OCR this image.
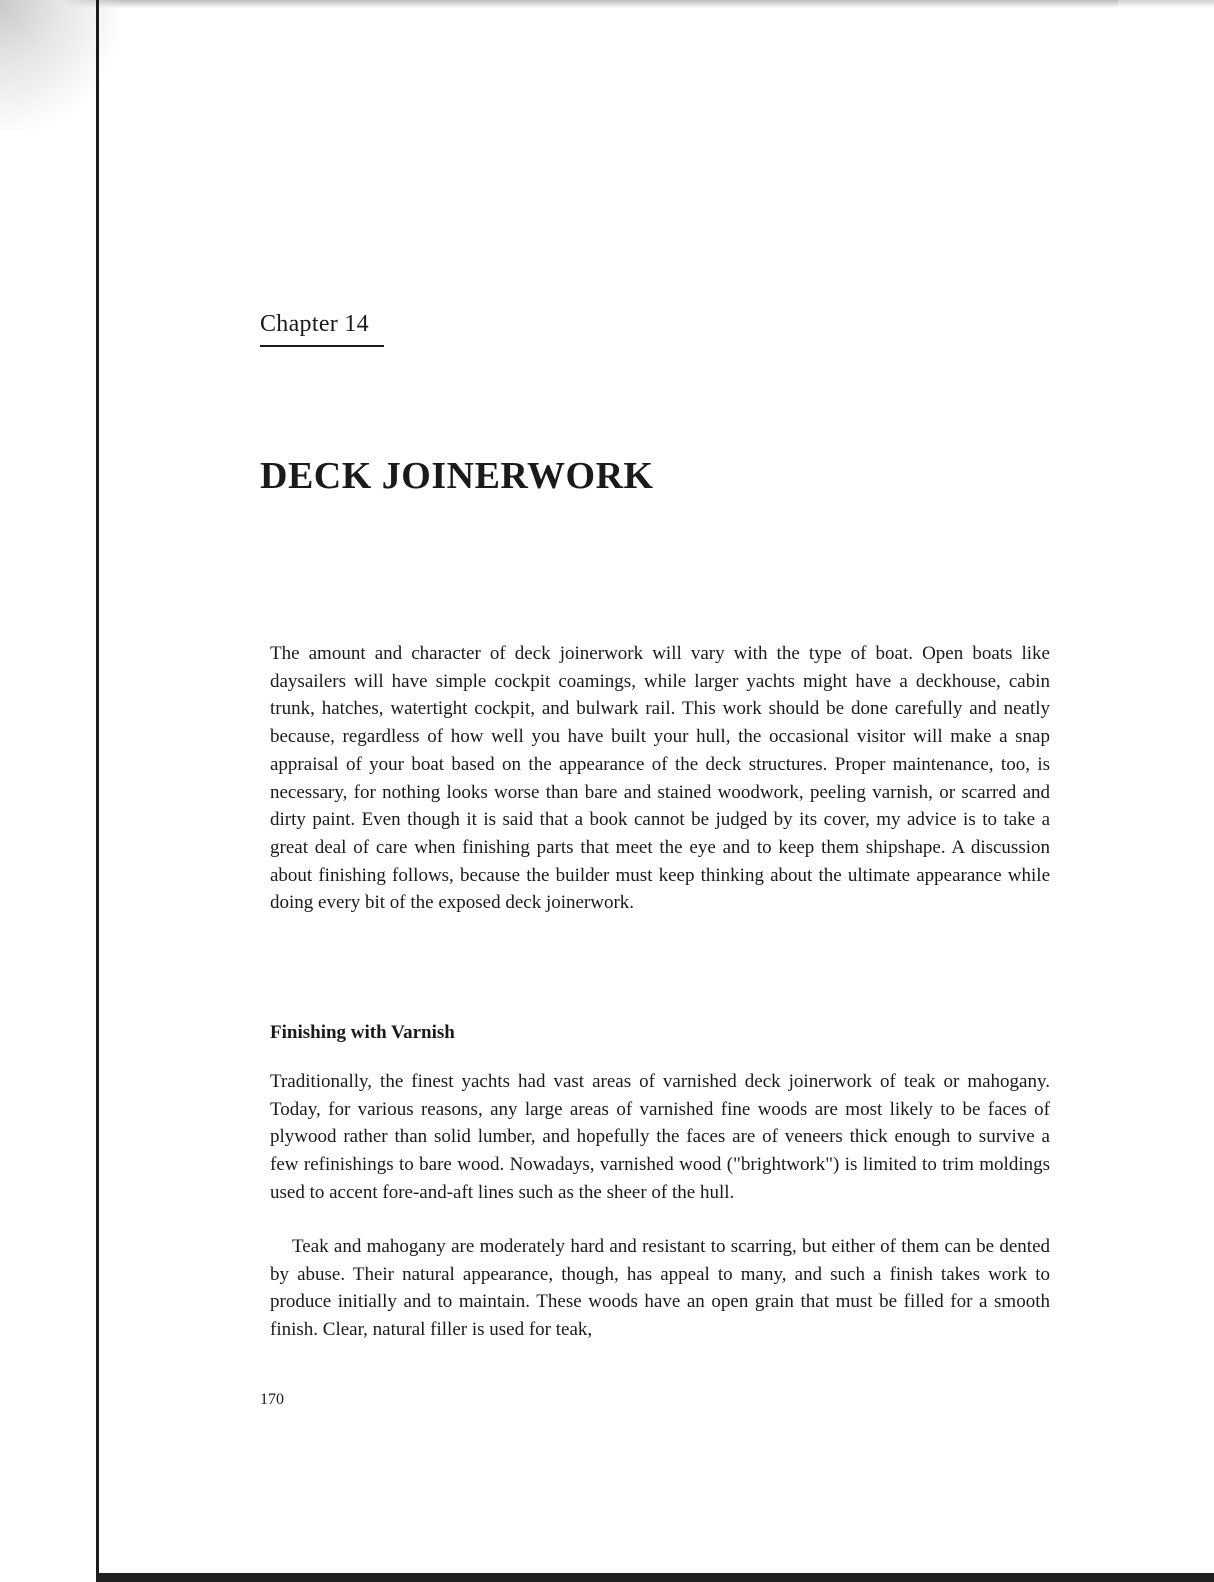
Chapter 14
DECK JOINERWORK

The amount and character of deck joinerwork will vary with the type of boat. Open boats like daysailers will have simple cockpit coamings, while larger yachts might have a deckhouse, cabin trunk, hatches, watertight cockpit, and bulwark rail. This work should be done carefully and neatly because, regardless of how well you have built your hull, the occasional visitor will make a snap appraisal of your boat based on the appearance of the deck structures. Proper maintenance, too, is necessary, for nothing looks worse than bare and stained woodwork, peeling varnish, or scarred and dirty paint. Even though it is said that a book cannot be judged by its cover, my advice is to take a great deal of care when finishing parts that meet the eye and to keep them shipshape. A discussion about finishing follows, because the builder must keep thinking about the ultimate appearance while doing every bit of the exposed deck joinerwork.

Finishing with Varnish

Traditionally, the finest yachts had vast areas of varnished deck joinerwork of teak or mahogany. Today, for various reasons, any large areas of varnished fine woods are most likely to be faces of plywood rather than solid lumber, and hopefully the faces are of veneers thick enough to survive a few refinishings to bare wood. Nowadays, varnished wood ("brightwork") is limited to trim moldings used to accent fore-and-aft lines such as the sheer of the hull.

Teak and mahogany are moderately hard and resistant to scarring, but either of them can be dented by abuse. Their natural appearance, though, has appeal to many, and such a finish takes work to produce initially and to maintain. These woods have an open grain that must be filled for a smooth finish. Clear, natural filler is used for teak,

170
